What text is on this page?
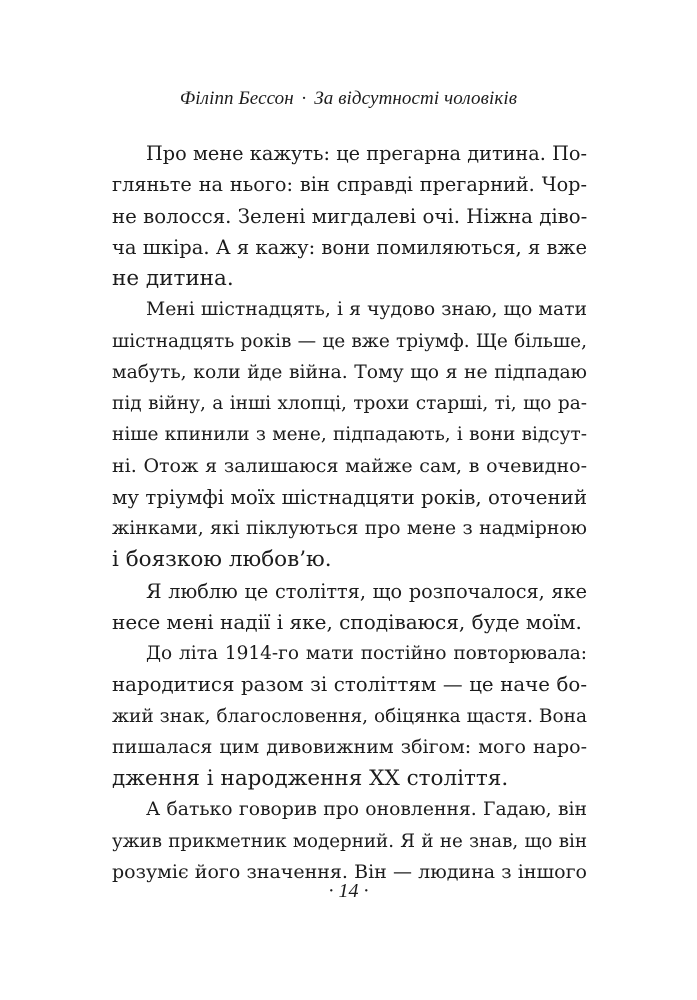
Філіпп Бессон · За відсутності чоловіків
Про мене кажуть: це прегарна дитина. По-
гляньте на нього: він справді прегарний. Чор-
не волосся. Зелені мигдалеві очі. Ніжна діво-
ча шкіра. А я кажу: вони помиляються, я вже
не дитина.
Мені шістнадцять, і я чудово знаю, що мати
шістнадцять років — це вже тріумф. Ще більше,
мабуть, коли йде війна. Тому що я не підпадаю
під війну, а інші хлопці, трохи старші, ті, що ра-
ніше кпинили з мене, підпадають, і вони відсут-
ні. Отож я залишаюся майже сам, в очевидно-
му тріумфі моїх шістнадцяти років, оточений
жінками, які піклуються про мене з надмірною
і боязкою любов’ю.
Я люблю це століття, що розпочалося, яке
несе мені надії і яке, сподіваюся, буде моїм.
До літа 1914-го мати постійно повторювала:
народитися разом зі століттям — це наче бо-
жий знак, благословення, обіцянка щастя. Вона
пишалася цим дивовижним збігом: мого наро-
дження і народження XX століття.
А батько говорив про оновлення. Гадаю, він
ужив прикметник модерний. Я й не знав, що він
розуміє його значення. Він — людина з іншого
· 14 ·
